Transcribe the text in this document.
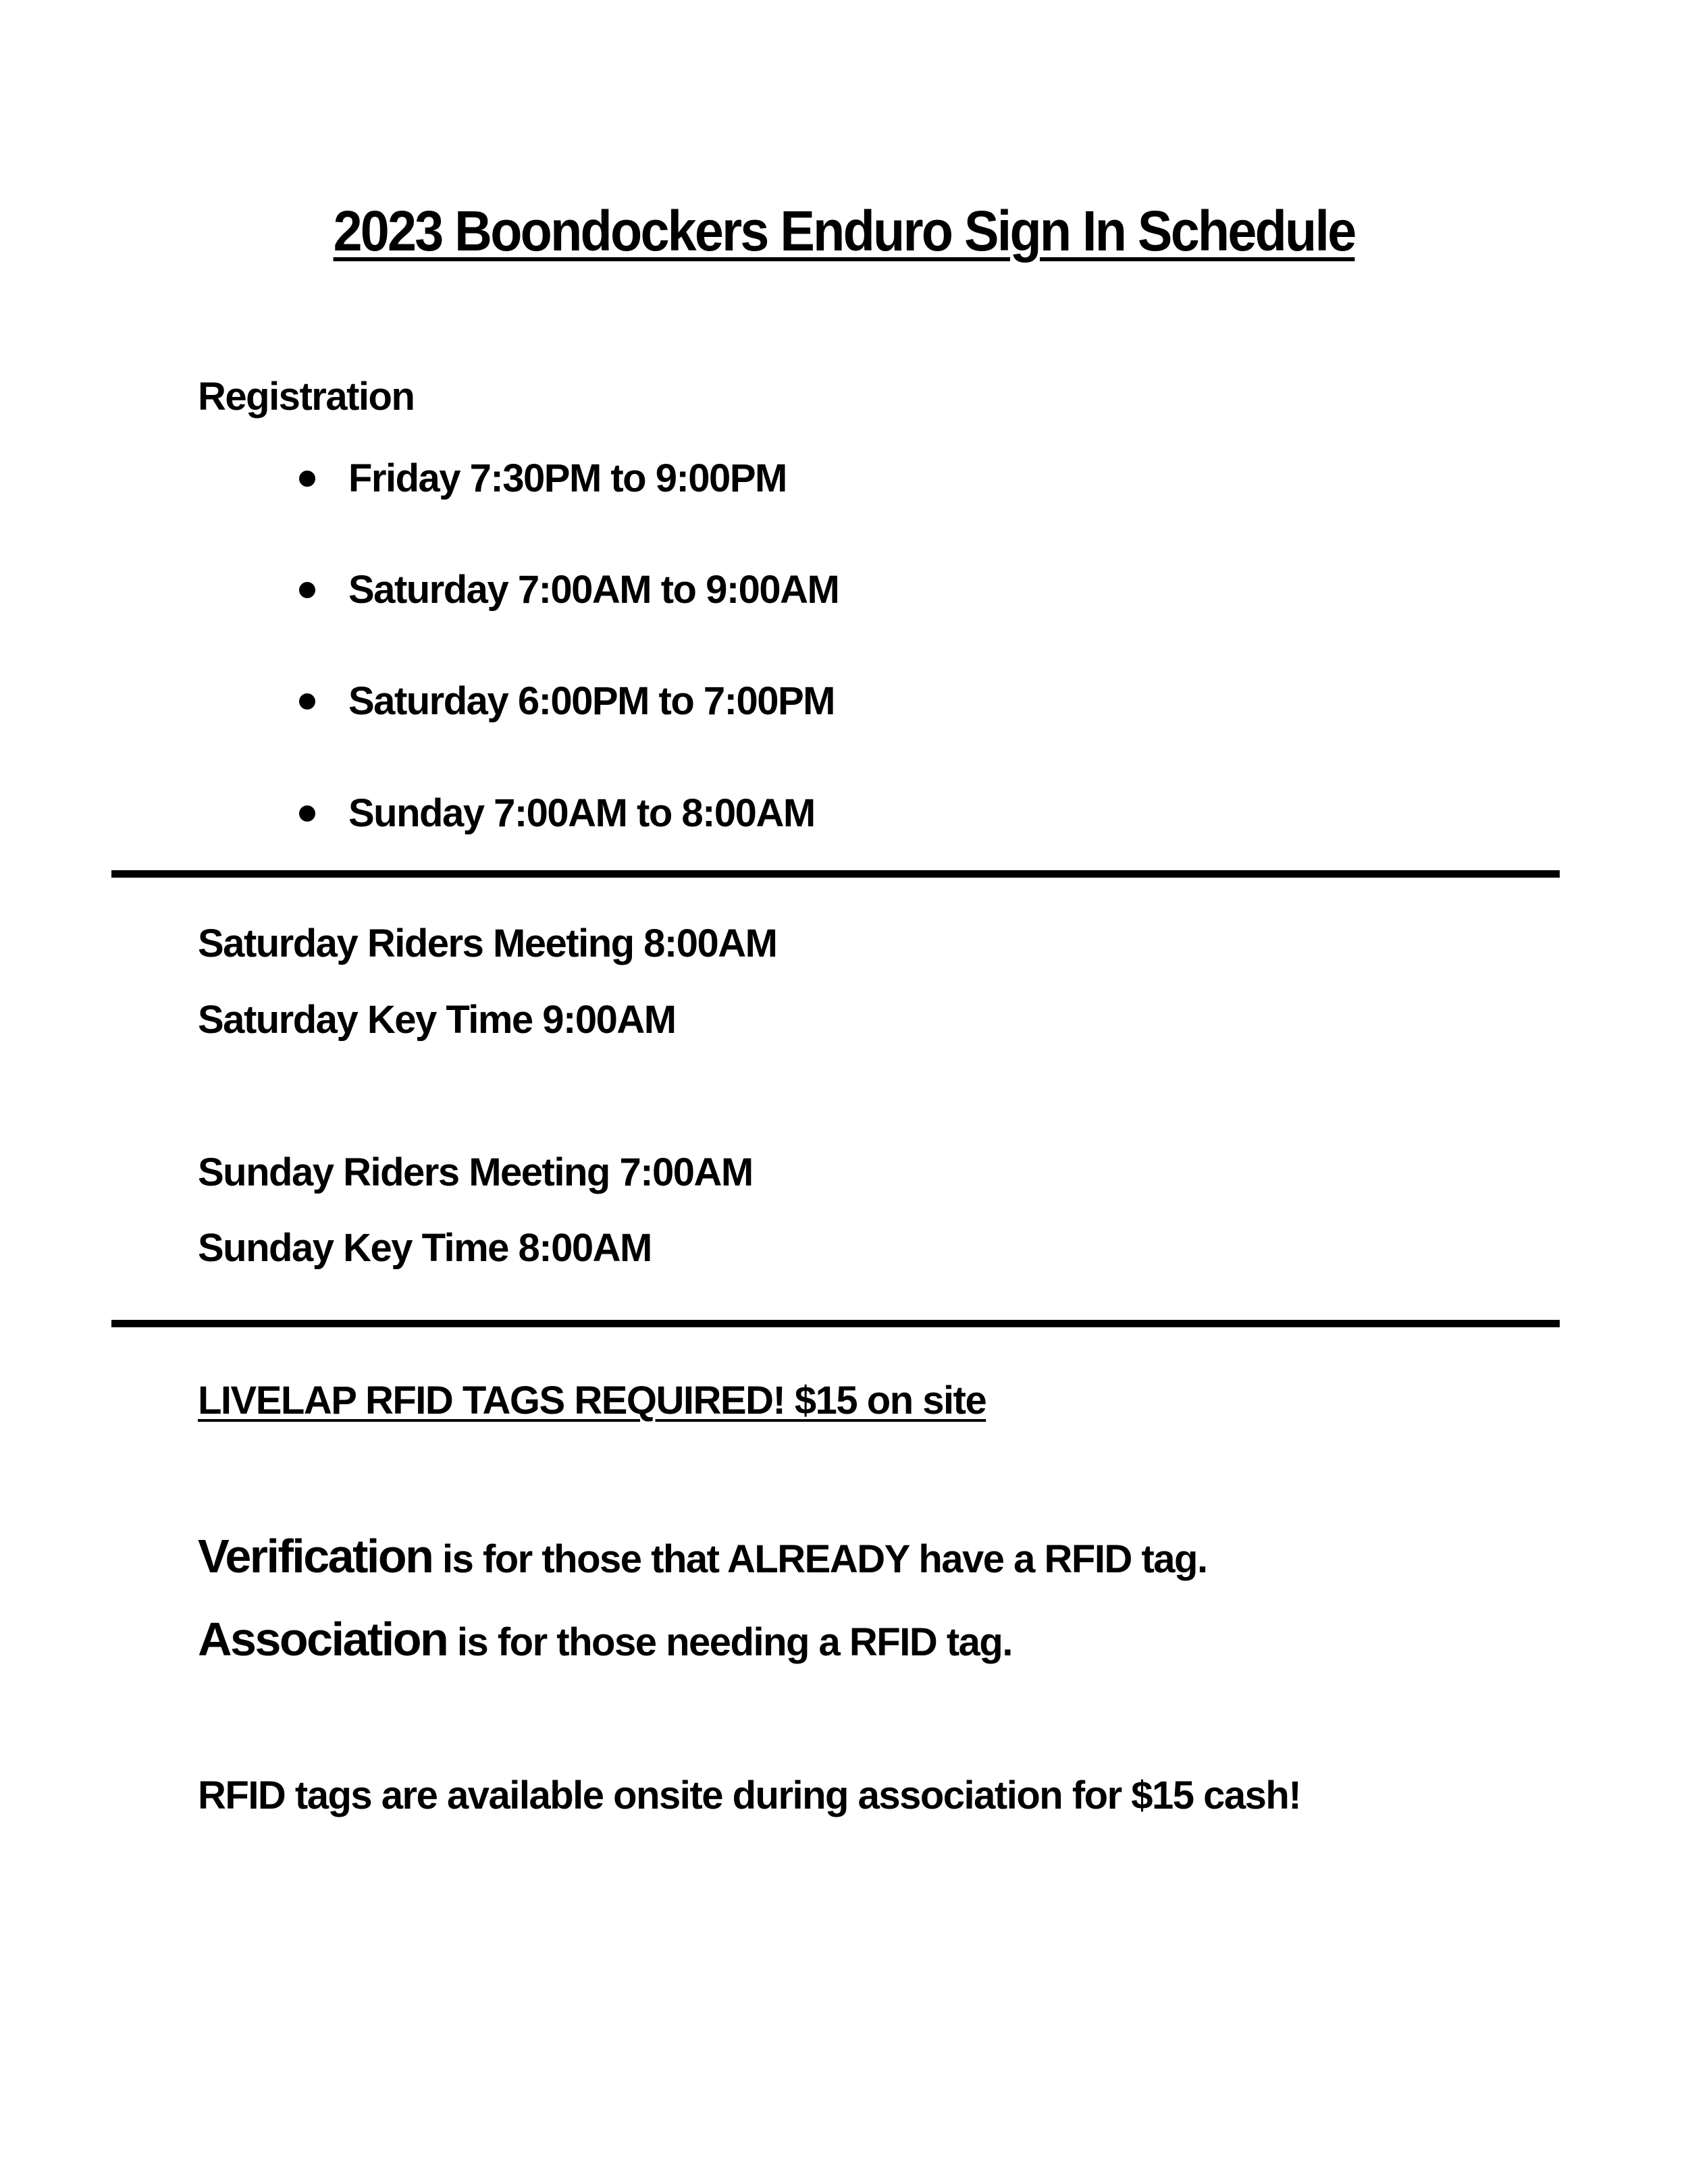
2023 Boondockers Enduro Sign In Schedule
Registration
Friday 7:30PM to 9:00PM
Saturday 7:00AM to 9:00AM
Saturday 6:00PM to 7:00PM
Sunday 7:00AM to 8:00AM
Saturday Riders Meeting 8:00AM
Saturday Key Time 9:00AM
Sunday Riders Meeting 7:00AM
Sunday Key Time 8:00AM
LIVELAP RFID TAGS REQUIRED! $15 on site
Verification is for those that ALREADY have a RFID tag.
Association is for those needing a RFID tag.
RFID tags are available onsite during association for $15 cash!
